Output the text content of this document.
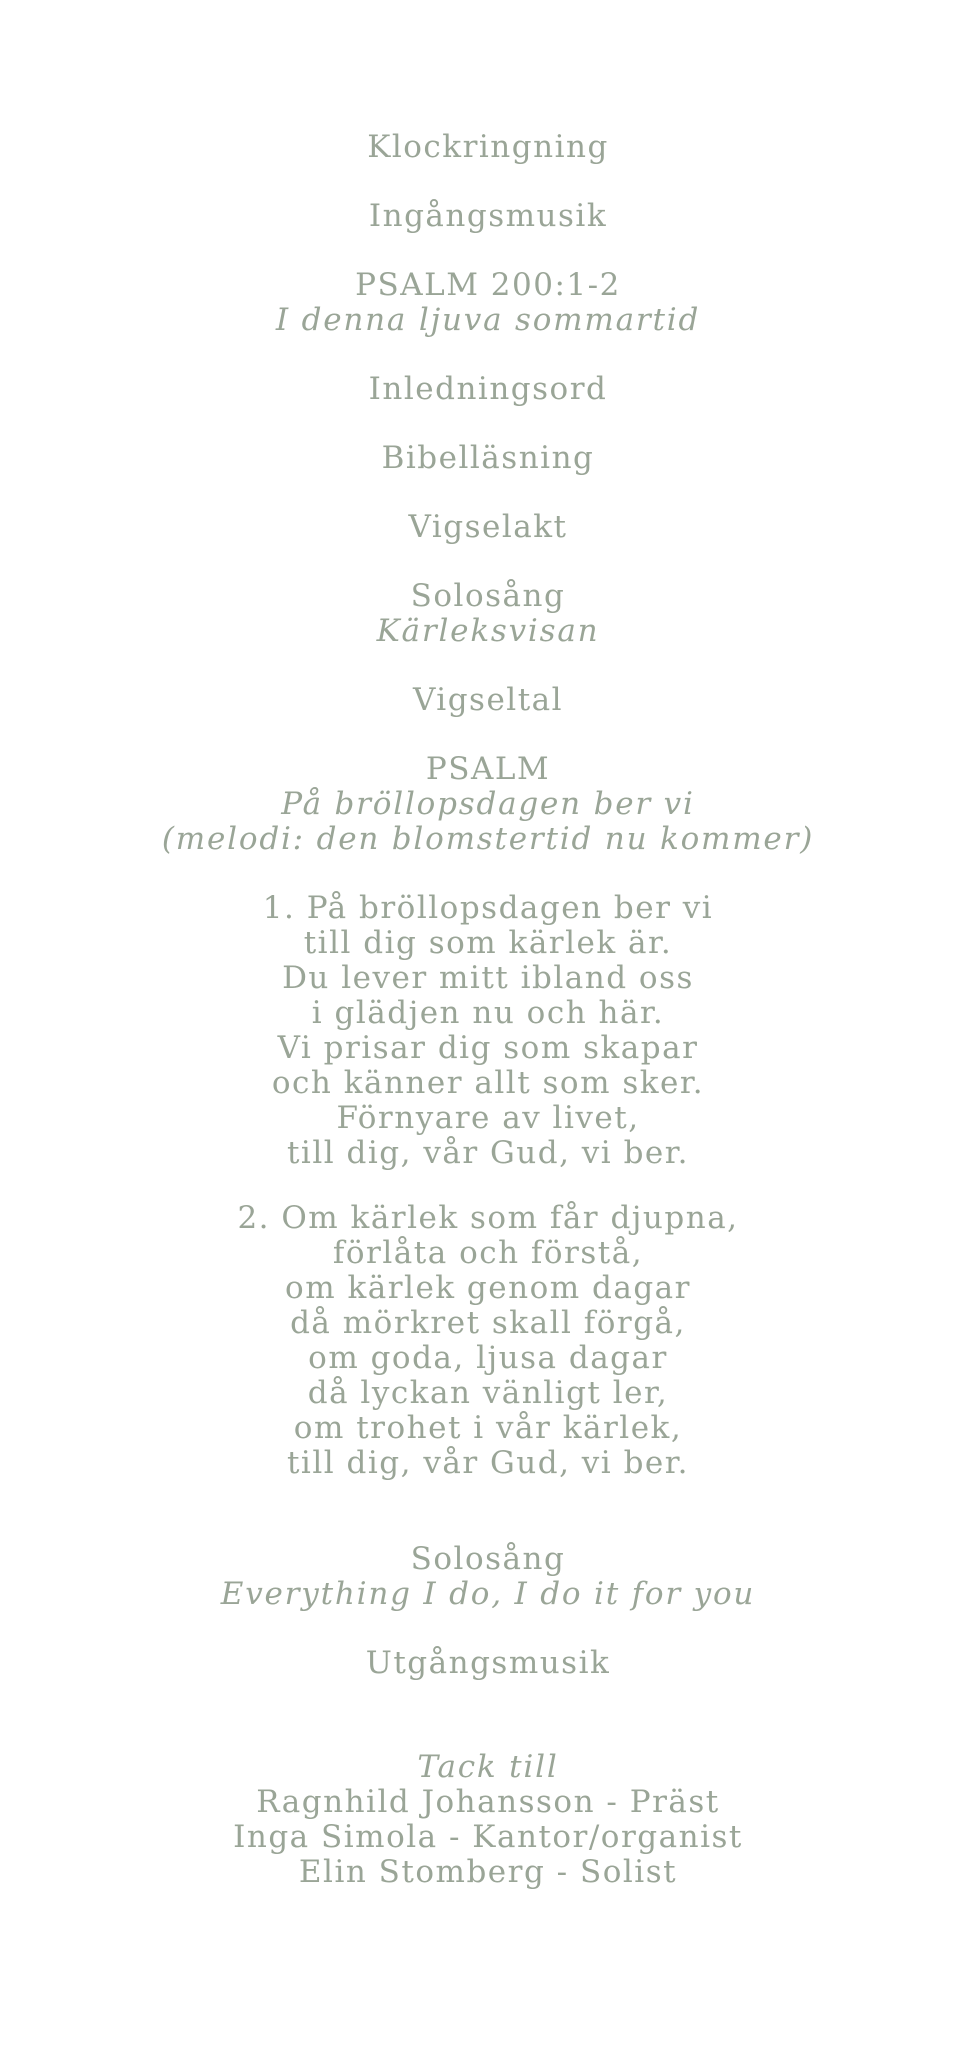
Klockringning
Ingångsmusik
PSALM 200:1-2
I denna ljuva sommartid
Inledningsord
Bibelläsning
Vigselakt
Solosång
Kärleksvisan
Vigseltal
PSALM
På bröllopsdagen ber vi
(melodi: den blomstertid nu kommer)
1. På bröllopsdagen ber vi
till dig som kärlek är.
Du lever mitt ibland oss
i glädjen nu och här.
Vi prisar dig som skapar
och känner allt som sker.
Förnyare av livet,
till dig, vår Gud, vi ber.
2. Om kärlek som får djupna,
förlåta och förstå,
om kärlek genom dagar
då mörkret skall förgå,
om goda, ljusa dagar
då lyckan vänligt ler,
om trohet i vår kärlek,
till dig, vår Gud, vi ber.
Solosång
Everything I do, I do it for you
Utgångsmusik
Tack till
Ragnhild Johansson - Präst
Inga Simola - Kantor/organist
Elin Stomberg - Solist
